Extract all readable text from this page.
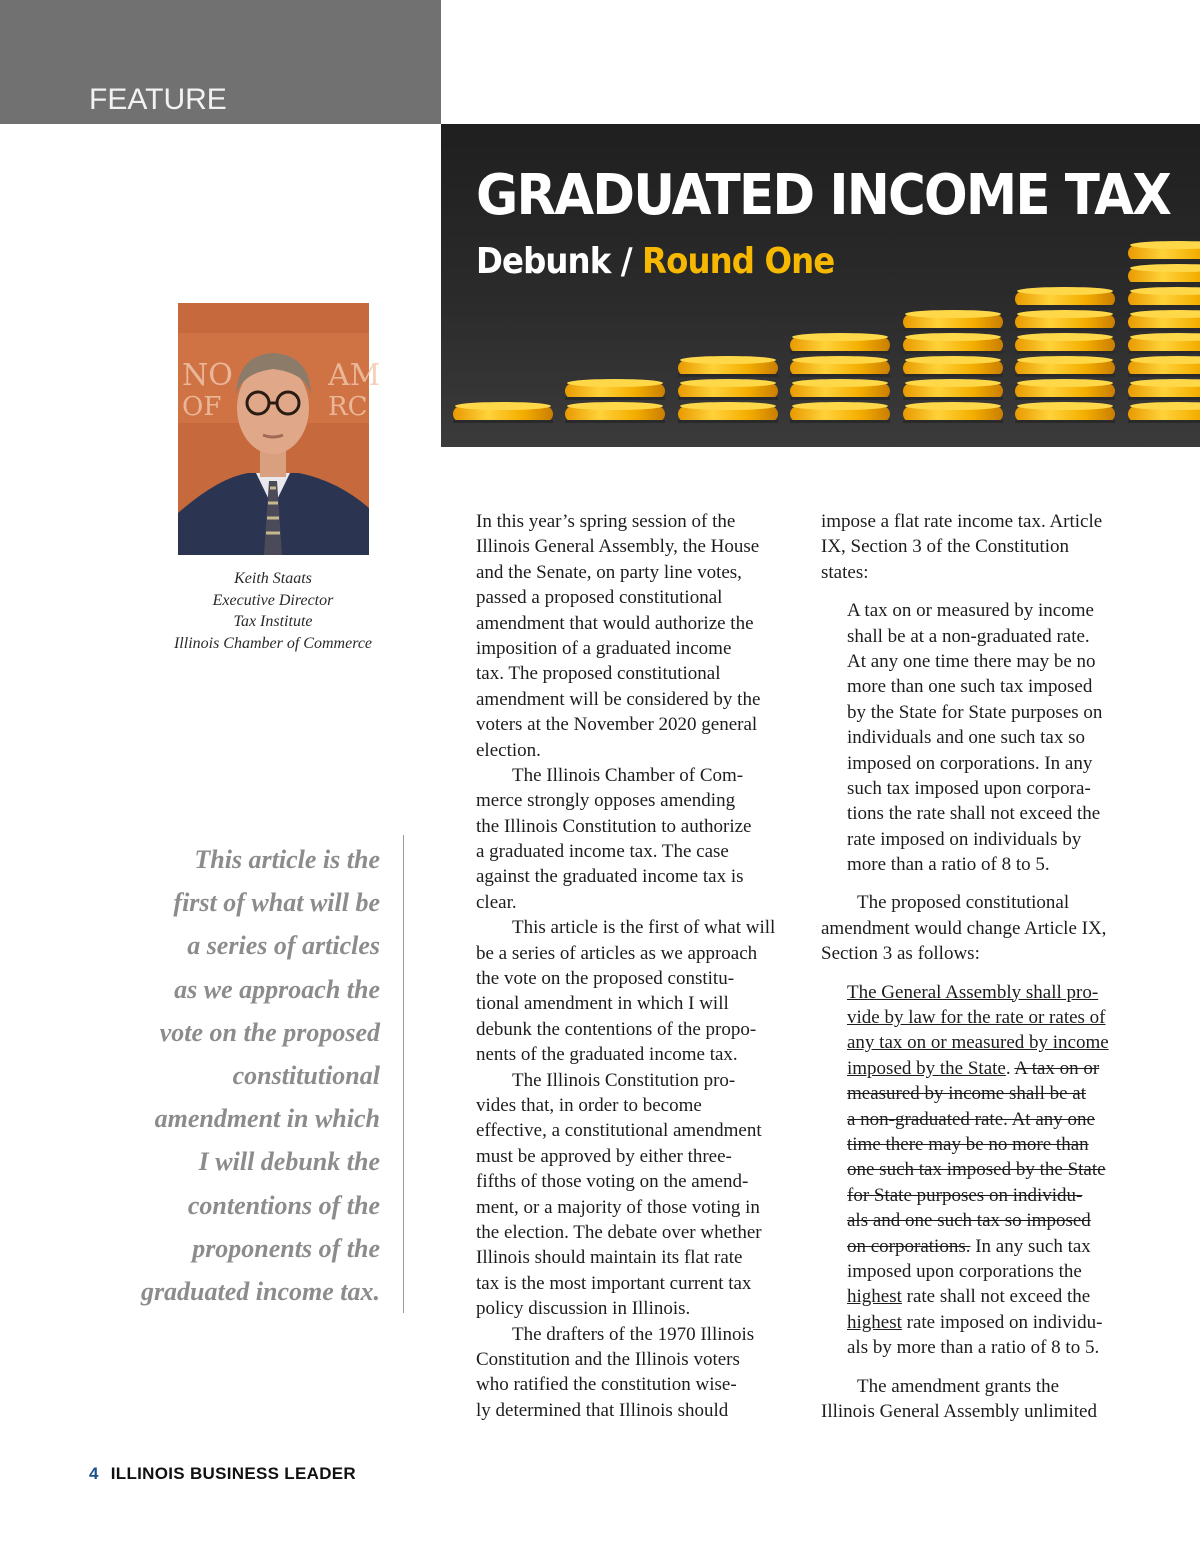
FEATURE
GRADUATED INCOME TAX
Debunk / Round One
NO	AM
OF	RC
Keith Staats
Executive Director
Tax Institute
Illinois Chamber of Commerce
This article is the
first of what will be
a series of articles
as we approach the
vote on the proposed
constitutional
amendment in which
I will debunk the
contentions of the
proponents of the
graduated income tax.
In this year’s spring session of the
Illinois General Assembly, the House
and the Senate, on party line votes,
passed a proposed constitutional
amendment that would authorize the
imposition of a graduated income
tax. The proposed constitutional
amendment will be considered by the
voters at the November 2020 general
election.
The Illinois Chamber of Com-
merce strongly opposes amending
the Illinois Constitution to authorize
a graduated income tax. The case
against the graduated income tax is
clear.
This article is the first of what will
be a series of articles as we approach
the vote on the proposed constitu-
tional amendment in which I will
debunk the contentions of the propo-
nents of the graduated income tax.
The Illinois Constitution pro-
vides that, in order to become
effective, a constitutional amendment
must be approved by either three-
fifths of those voting on the amend-
ment, or a majority of those voting in
the election. The debate over whether
Illinois should maintain its flat rate
tax is the most important current tax
policy discussion in Illinois.
The drafters of the 1970 Illinois
Constitution and the Illinois voters
who ratified the constitution wise-
ly determined that Illinois should
impose a flat rate income tax. Article
IX, Section 3 of the Constitution
states:
A tax on or measured by income
shall be at a non-graduated rate.
At any one time there may be no
more than one such tax imposed
by the State for State purposes on
individuals and one such tax so
imposed on corporations. In any
such tax imposed upon corpora-
tions the rate shall not exceed the
rate imposed on individuals by
more than a ratio of 8 to 5.
The proposed constitutional
amendment would change Article IX,
Section 3 as follows:
The General Assembly shall pro-
vide by law for the rate or rates of
any tax on or measured by income
imposed by the State. A tax on or
measured by income shall be at
a non-graduated rate. At any one
time there may be no more than
one such tax imposed by the State
for State purposes on individu-
als and one such tax so imposed
on corporations. In any such tax
imposed upon corporations the
highest rate shall not exceed the
highest rate imposed on individu-
als by more than a ratio of 8 to 5.
The amendment grants the
Illinois General Assembly unlimited
4 ILLINOIS BUSINESS LEADER
